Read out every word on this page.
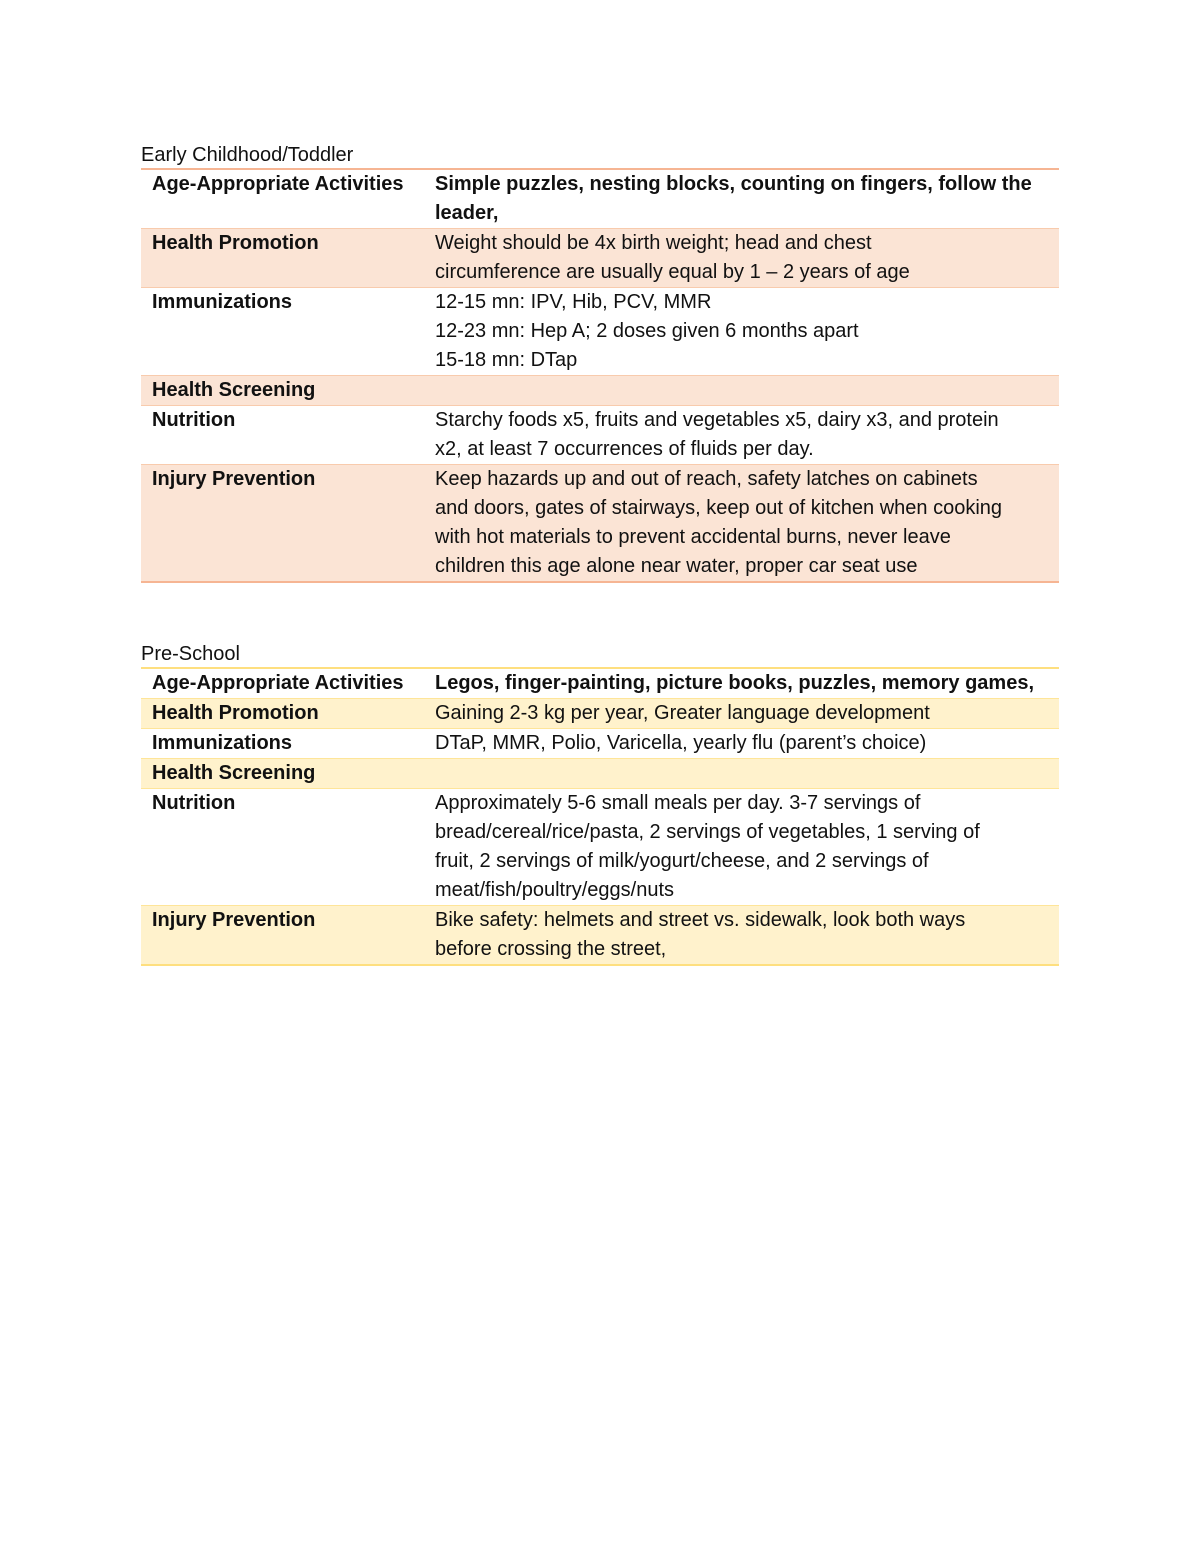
Early Childhood/Toddler
Age-Appropriate Activities	Simple puzzles, nesting blocks, counting on fingers, follow the
leader,

Health Promotion	Weight should be 4x birth weight; head and chest
circumference are usually equal by 1 – 2 years of age

Immunizations	12-15 mn: IPV, Hib, PCV, MMR
12-23 mn: Hep A; 2 doses given 6 months apart
15-18 mn: DTap

Health Screening	
Nutrition	Starchy foods x5, fruits and vegetables x5, dairy x3, and protein
x2, at least 7 occurrences of fluids per day.

Injury Prevention	Keep hazards up and out of reach, safety latches on cabinets
and doors, gates of stairways, keep out of kitchen when cooking
with hot materials to prevent accidental burns, never leave
children this age alone near water, proper car seat use
Pre-School
Age-Appropriate Activities	Legos, finger-painting, picture books, puzzles, memory games,

Health Promotion	Gaining 2-3 kg per year, Greater language development

Immunizations	DTaP, MMR, Polio, Varicella, yearly flu (parent’s choice)

Health Screening	
Nutrition	Approximately 5-6 small meals per day. 3-7 servings of
bread/cereal/rice/pasta, 2 servings of vegetables, 1 serving of
fruit, 2 servings of milk/yogurt/cheese, and 2 servings of
meat/fish/poultry/eggs/nuts

Injury Prevention	Bike safety: helmets and street vs. sidewalk, look both ways
before crossing the street,
